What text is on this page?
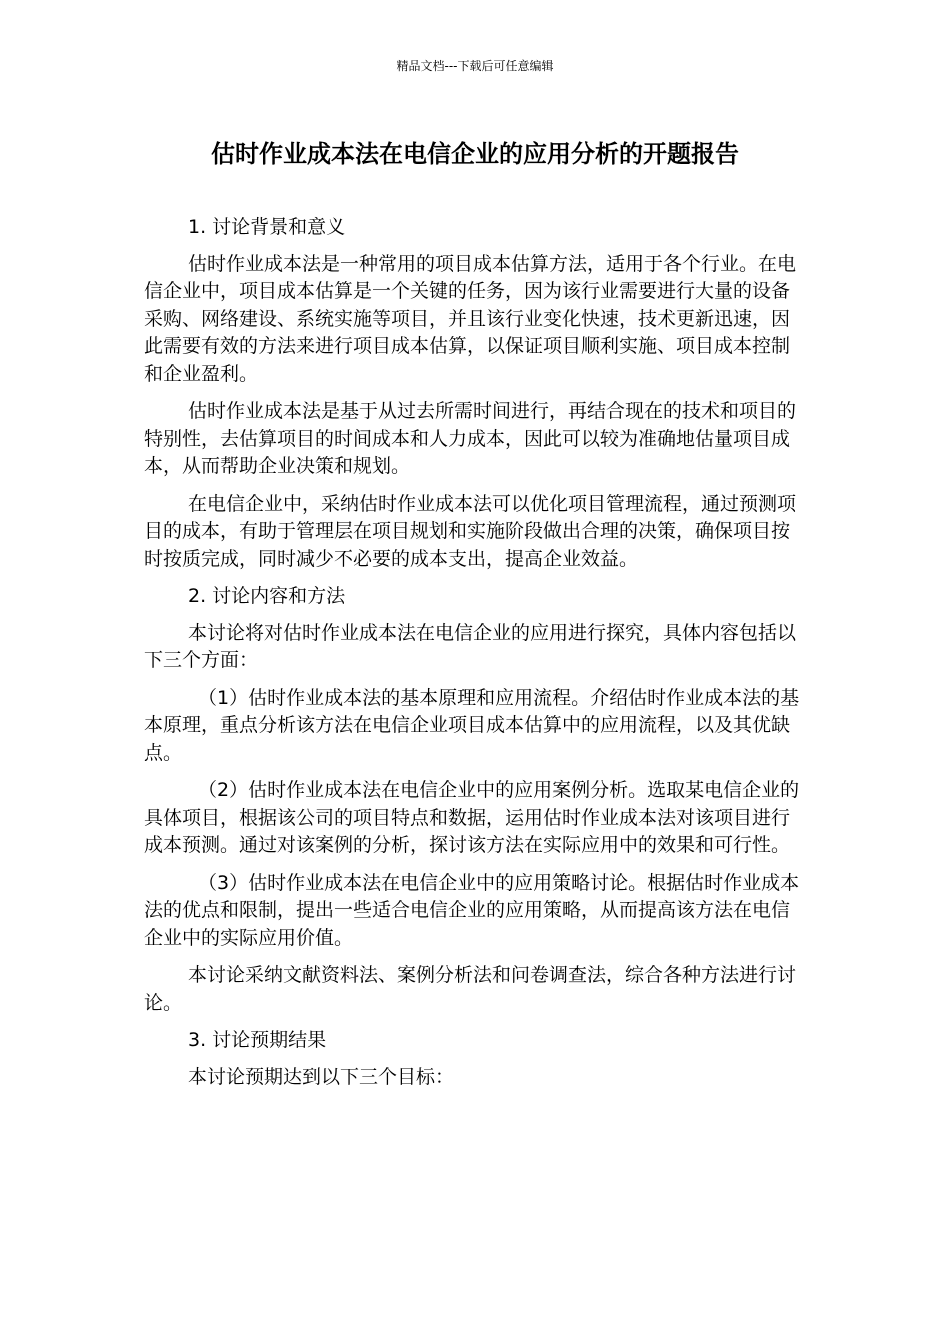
精品文档---下载后可任意编辑
估时作业成本法在电信企业的应用分析的开题报告

1. 讨论背景和意义

估时作业成本法是一种常用的项目成本估算方法，适用于各个行业。在电信企业中，项目成本估算是一个关键的任务，因为该行业需要进行大量的设备采购、网络建设、系统实施等项目，并且该行业变化快速，技术更新迅速，因此需要有效的方法来进行项目成本估算，以保证项目顺利实施、项目成本控制和企业盈利。

估时作业成本法是基于从过去所需时间进行，再结合现在的技术和项目的特别性，去估算项目的时间成本和人力成本，因此可以较为准确地估量项目成本，从而帮助企业决策和规划。

在电信企业中，采纳估时作业成本法可以优化项目管理流程，通过预测项目的成本，有助于管理层在项目规划和实施阶段做出合理的决策，确保项目按时按质完成，同时减少不必要的成本支出，提高企业效益。

2. 讨论内容和方法

本讨论将对估时作业成本法在电信企业的应用进行探究，具体内容包括以下三个方面：

（1）估时作业成本法的基本原理和应用流程。介绍估时作业成本法的基本原理，重点分析该方法在电信企业项目成本估算中的应用流程，以及其优缺点。

（2）估时作业成本法在电信企业中的应用案例分析。选取某电信企业的具体项目，根据该公司的项目特点和数据，运用估时作业成本法对该项目进行成本预测。通过对该案例的分析，探讨该方法在实际应用中的效果和可行性。

（3）估时作业成本法在电信企业中的应用策略讨论。根据估时作业成本法的优点和限制，提出一些适合电信企业的应用策略，从而提高该方法在电信企业中的实际应用价值。

本讨论采纳文献资料法、案例分析法和问卷调查法，综合各种方法进行讨论。

3. 讨论预期结果

本讨论预期达到以下三个目标：
